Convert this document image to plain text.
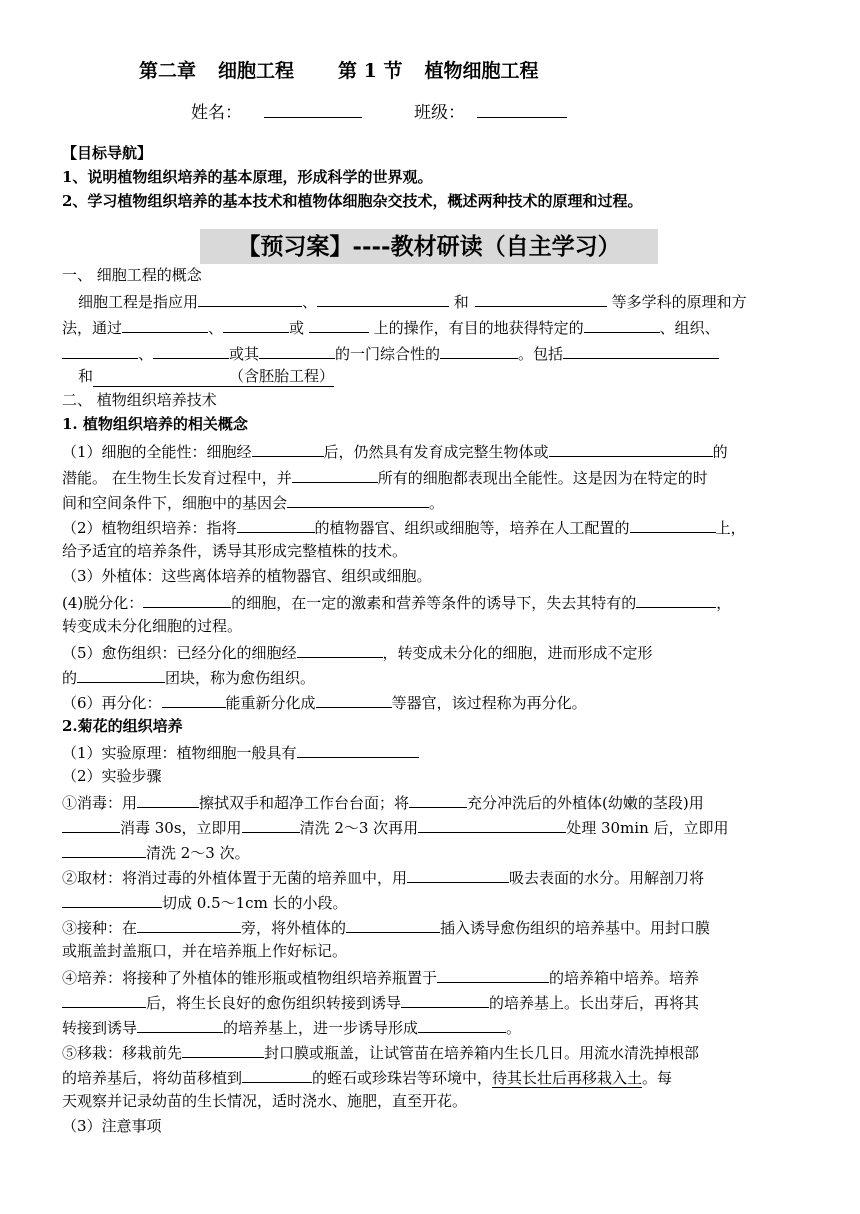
第二章 细胞工程 第 1 节 植物细胞工程
姓名：	班级：
【目标导航】
1、说明植物组织培养的基本原理，形成科学的世界观。
2、学习植物组织培养的基本技术和植物体细胞杂交技术，概述两种技术的原理和过程。
【预习案】----教材研读（自主学习）
一、 细胞工程的概念
细胞工程是指应用	、	和	等多学科的原理和方
法，通过	、	或	上的操作，有目的地获得特定的	、组织、
、	或其	的一门综合性的	。包括
和	（含胚胎工程）
二、 植物组织培养技术
1. 植物组织培养的相关概念
（1）细胞的全能性：细胞经	后，仍然具有发育成完整生物体或	的
潜能。 在生物生长发育过程中，并	所有的细胞都表现出全能性。这是因为在特定的时
间和空间条件下，细胞中的基因会	。
（2）植物组织培养：指将	的植物器官、组织或细胞等，培养在人工配置的	上，
给予适宜的培养条件，诱导其形成完整植株的技术。
（3）外植体：这些离体培养的植物器官、组织或细胞。
(4)脱分化：	的细胞，在一定的激素和营养等条件的诱导下，失去其特有的	，
转变成未分化细胞的过程。
（5）愈伤组织：已经分化的细胞经	，转变成未分化的细胞，进而形成不定形
的	团块，称为愈伤组织。
（6）再分化：	能重新分化成	等器官，该过程称为再分化。
2.菊花的组织培养
（1）实验原理：植物细胞一般具有
（2）实验步骤
①消毒：用	擦拭双手和超净工作台台面；将	充分冲洗后的外植体(幼嫩的茎段)用
消毒 30s，立即用	清洗 2～3 次再用	处理 30min 后，立即用
清洗 2～3 次。
②取材：将消过毒的外植体置于无菌的培养皿中，用	吸去表面的水分。用解剖刀将
切成 0.5～1cm 长的小段。
③接种：在	旁，将外植体的	插入诱导愈伤组织的培养基中。用封口膜
或瓶盖封盖瓶口，并在培养瓶上作好标记。
④培养：将接种了外植体的锥形瓶或植物组织培养瓶置于	的培养箱中培养。培养
后，将生长良好的愈伤组织转接到诱导	的培养基上。长出芽后，再将其
转接到诱导	的培养基上，进一步诱导形成	。
⑤移栽：移栽前先	封口膜或瓶盖，让试管苗在培养箱内生长几日。用流水清洗掉根部
的培养基后，将幼苗移植到	的蛭石或珍珠岩等环境中，待其长壮后再移栽入土。每
天观察并记录幼苗的生长情况，适时浇水、施肥，直至开花。
（3）注意事项
